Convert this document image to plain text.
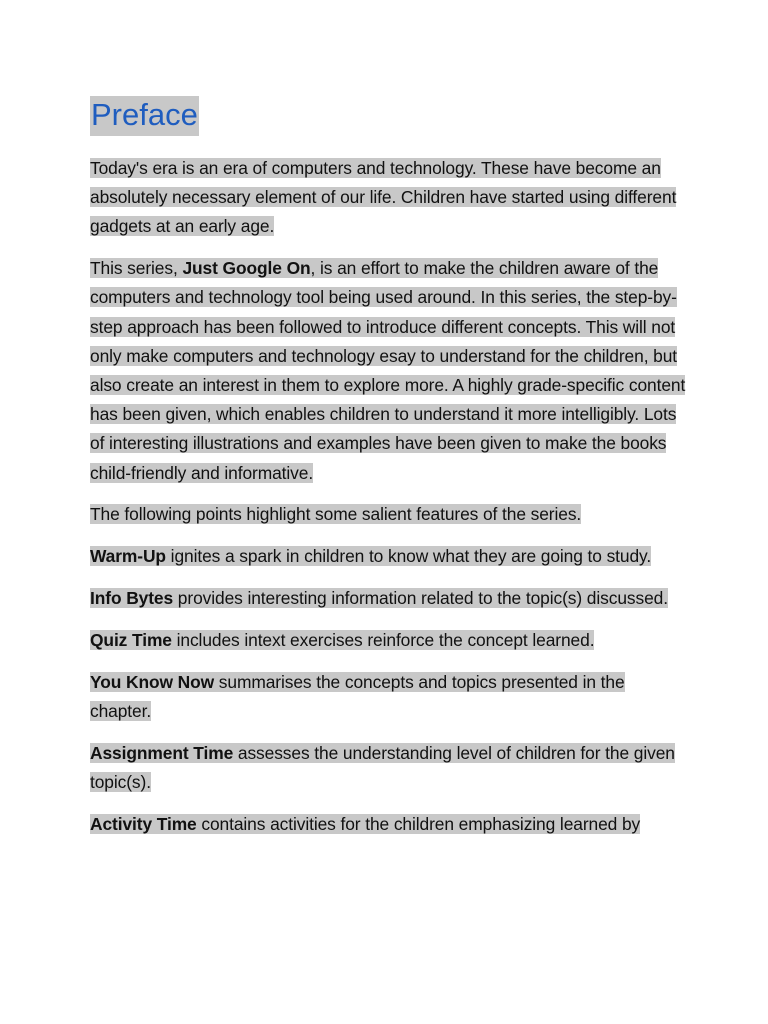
Preface

Today's era is an era of computers and technology. These have become an absolutely necessary element of our life. Children have started using different gadgets at an early age.

This series, Just Google On, is an effort to make the children aware of the computers and technology tool being used around. In this series, the step-by-step approach has been followed to introduce different concepts. This will not only make computers and technology esay to understand for the children, but also create an interest in them to explore more. A highly grade-specific content has been given, which enables children to understand it more intelligibly. Lots of interesting illustrations and examples have been given to make the books child-friendly and informative.

The following points highlight some salient features of the series.

Warm-Up ignites a spark in children to know what they are going to study.

Info Bytes provides interesting information related to the topic(s) discussed.

Quiz Time includes intext exercises reinforce the concept learned.

You Know Now summarises the concepts and topics presented in the chapter.

Assignment Time assesses the understanding level of children for the given topic(s).

Activity Time contains activities for the children emphasizing learned by
